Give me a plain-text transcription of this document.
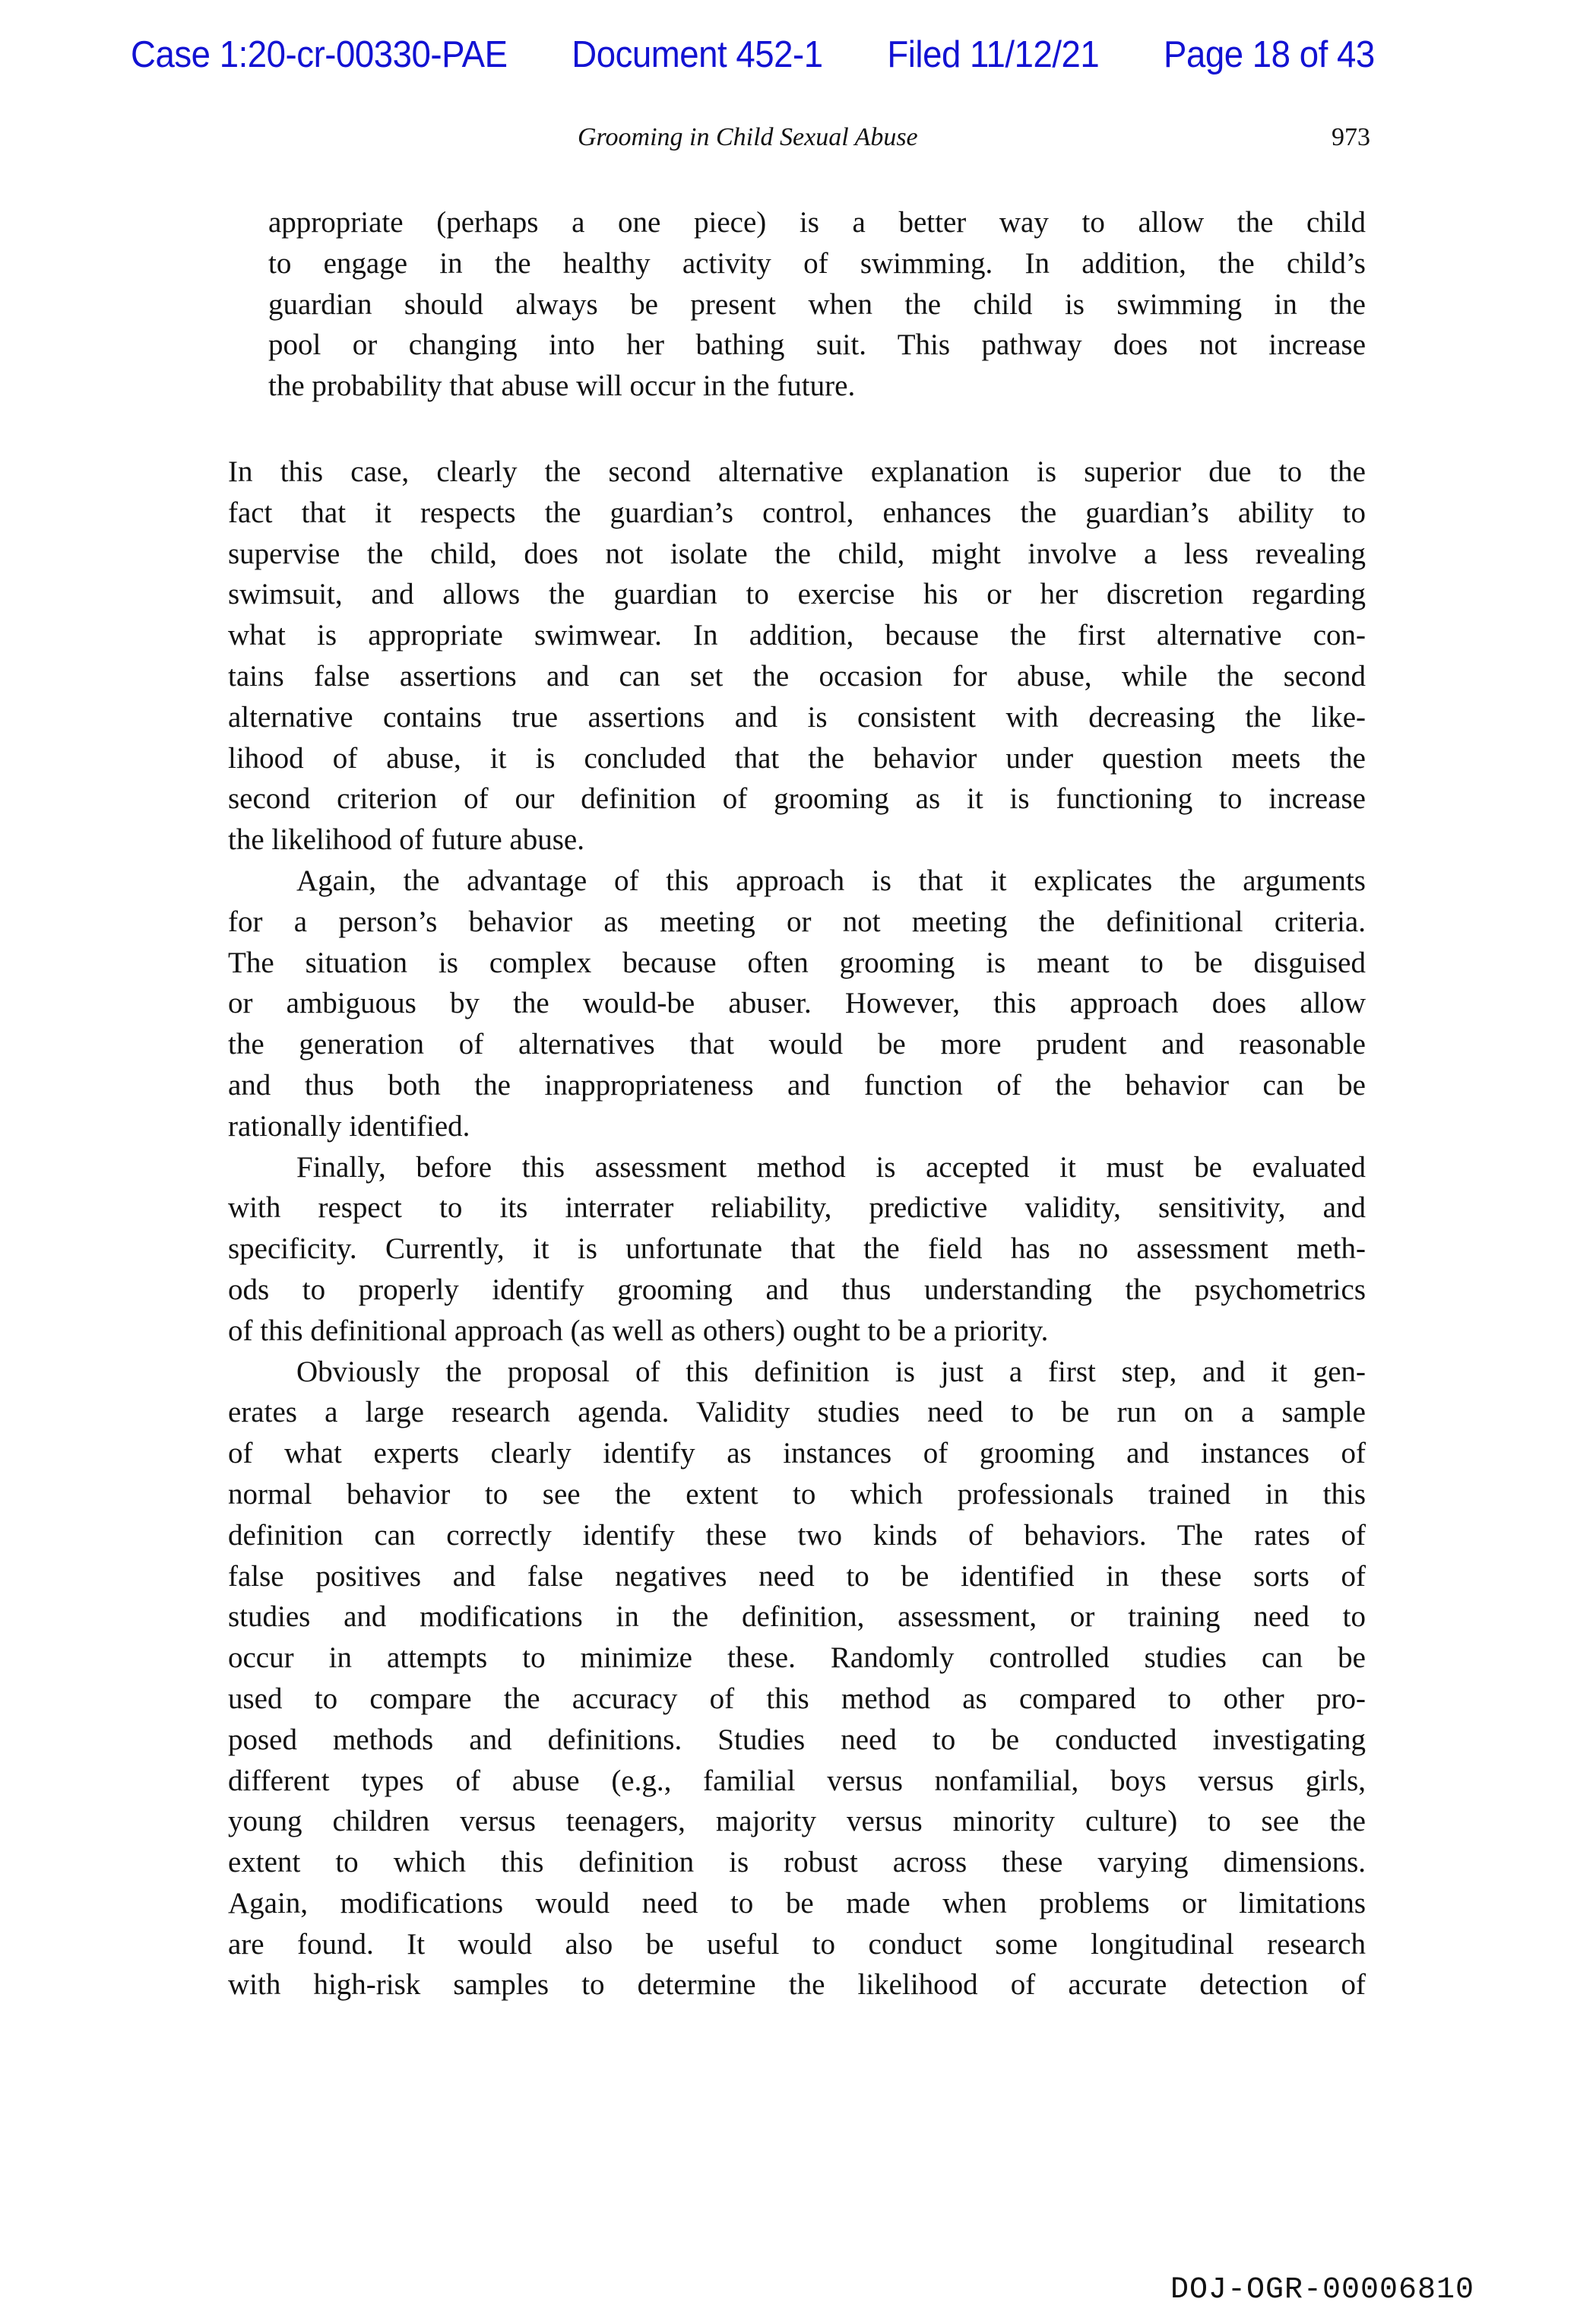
Case 1:20-cr-00330-PAE Document 452-1 Filed 11/12/21 Page 18 of 43
Grooming in Child Sexual Abuse	973
appropriate (perhaps a one piece) is a better way to allow the child
to engage in the healthy activity of swimming. In addition, the child’s
guardian should always be present when the child is swimming in the
pool or changing into her bathing suit. This pathway does not increase
the probability that abuse will occur in the future.
In this case, clearly the second alternative explanation is superior due to the
fact that it respects the guardian’s control, enhances the guardian’s ability to
supervise the child, does not isolate the child, might involve a less revealing
swimsuit, and allows the guardian to exercise his or her discretion regarding
what is appropriate swimwear. In addition, because the first alternative con-
tains false assertions and can set the occasion for abuse, while the second
alternative contains true assertions and is consistent with decreasing the like-
lihood of abuse, it is concluded that the behavior under question meets the
second criterion of our definition of grooming as it is functioning to increase
the likelihood of future abuse.
Again, the advantage of this approach is that it explicates the arguments
for a person’s behavior as meeting or not meeting the definitional criteria.
The situation is complex because often grooming is meant to be disguised
or ambiguous by the would-be abuser. However, this approach does allow
the generation of alternatives that would be more prudent and reasonable
and thus both the inappropriateness and function of the behavior can be
rationally identified.
Finally, before this assessment method is accepted it must be evaluated
with respect to its interrater reliability, predictive validity, sensitivity, and
specificity. Currently, it is unfortunate that the field has no assessment meth-
ods to properly identify grooming and thus understanding the psychometrics
of this definitional approach (as well as others) ought to be a priority.
Obviously the proposal of this definition is just a first step, and it gen-
erates a large research agenda. Validity studies need to be run on a sample
of what experts clearly identify as instances of grooming and instances of
normal behavior to see the extent to which professionals trained in this
definition can correctly identify these two kinds of behaviors. The rates of
false positives and false negatives need to be identified in these sorts of
studies and modifications in the definition, assessment, or training need to
occur in attempts to minimize these. Randomly controlled studies can be
used to compare the accuracy of this method as compared to other pro-
posed methods and definitions. Studies need to be conducted investigating
different types of abuse (e.g., familial versus nonfamilial, boys versus girls,
young children versus teenagers, majority versus minority culture) to see the
extent to which this definition is robust across these varying dimensions.
Again, modifications would need to be made when problems or limitations
are found. It would also be useful to conduct some longitudinal research
with high-risk samples to determine the likelihood of accurate detection of
DOJ-OGR-00006810
